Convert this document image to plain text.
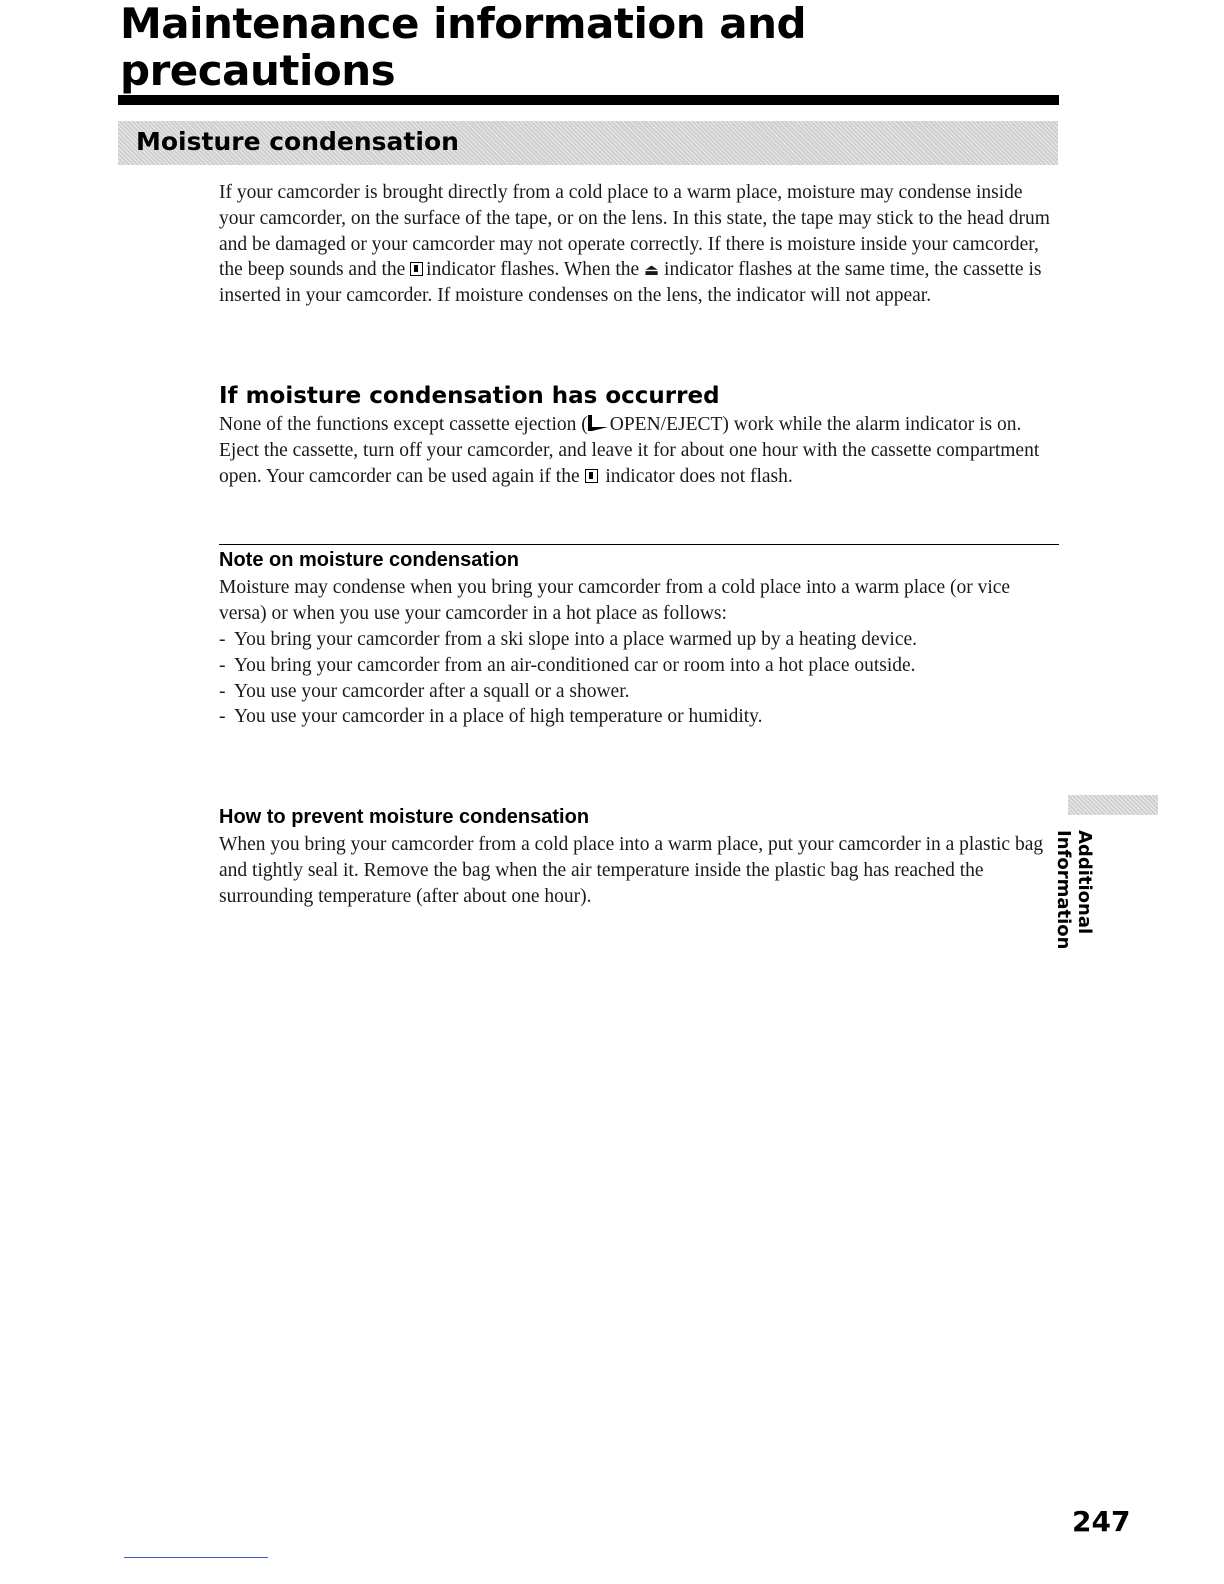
Maintenance information and precautions
Moisture condensation

If your camcorder is brought directly from a cold place to a warm place, moisture may condense inside your camcorder, on the surface of the tape, or on the lens. In this state, the tape may stick to the head drum and be damaged or your camcorder may not operate correctly. If there is moisture inside your camcorder, the beep sounds and the indicator flashes. When the ⏏ indicator flashes at the same time, the cassette is inserted in your camcorder. If moisture condenses on the lens, the indicator will not appear.

If moisture condensation has occurred

None of the functions except cassette ejection ( OPEN/EJECT) work while the alarm indicator is on. Eject the cassette, turn off your camcorder, and leave it for about one hour with the cassette compartment open. Your camcorder can be used again if the indicator does not flash.

Note on moisture condensation

Moisture may condense when you bring your camcorder from a cold place into a warm place (or vice versa) or when you use your camcorder in a hot place as follows:

- You bring your camcorder from a ski slope into a place warmed up by a heating device.
- You bring your camcorder from an air-conditioned car or room into a hot place outside.
- You use your camcorder after a squall or a shower.
- You use your camcorder in a place of high temperature or humidity.
How to prevent moisture condensation

When you bring your camcorder from a cold place into a warm place, put your camcorder in a plastic bag and tightly seal it. Remove the bag when the air temperature inside the plastic bag has reached the surrounding temperature (after about one hour).	Additional Information
247
